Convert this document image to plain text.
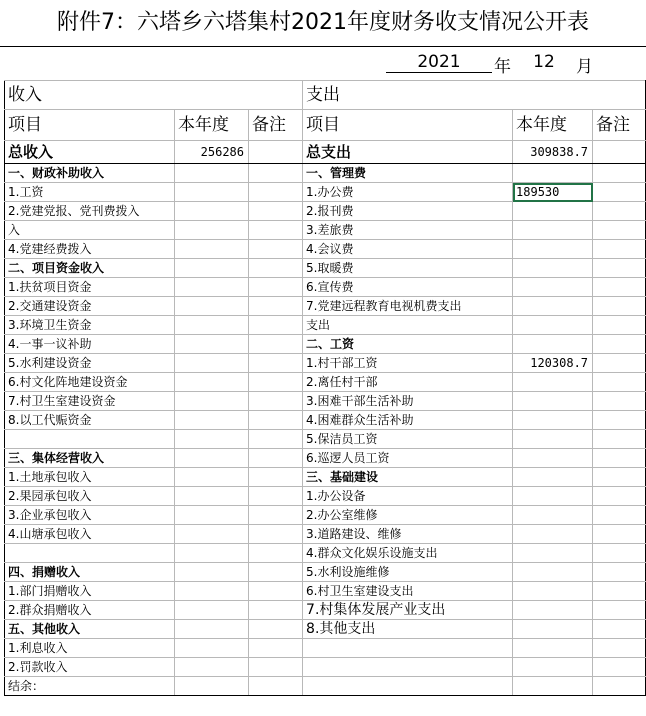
附件7：六塔乡六塔集村2021年度财务收支情况公开表
2021	年	12	月
收入			支出		
项目	本年度	备注	项目	本年度	备注
总收入	256286		总支出	309838.7	
一、财政补助收入			一、管理费		
1.工资			1.办公费	189530	
2.党建党报、党刊费拨入			2.报刊费		
入			3.差旅费		
4.党建经费拨入			4.会议费		
二、项目资金收入			5.取暖费		
1.扶贫项目资金			6.宣传费		
2.交通建设资金			7.党建远程教育电视机费支出		
3.环境卫生资金			支出		
4.一事一议补助			二、工资		
5.水利建设资金			1.村干部工资	120308.7	
6.村文化阵地建设资金			2.离任村干部		
7.村卫生室建设资金			3.困难干部生活补助		
8.以工代赈资金			4.困难群众生活补助		
			5.保洁员工资		
三、集体经营收入			6.巡逻人员工资		
1.土地承包收入			三、基础建设		
2.果园承包收入			1.办公设备		
3.企业承包收入			2.办公室维修		
4.山塘承包收入			3.道路建设、维修		
			4.群众文化娱乐设施支出		
四、捐赠收入			5.水利设施维修		
1.部门捐赠收入			6.村卫生室建设支出		
2.群众捐赠收入			7.村集体发展产业支出		
五、其他收入			8.其他支出		
1.利息收入					
2.罚款收入					
结余：					
